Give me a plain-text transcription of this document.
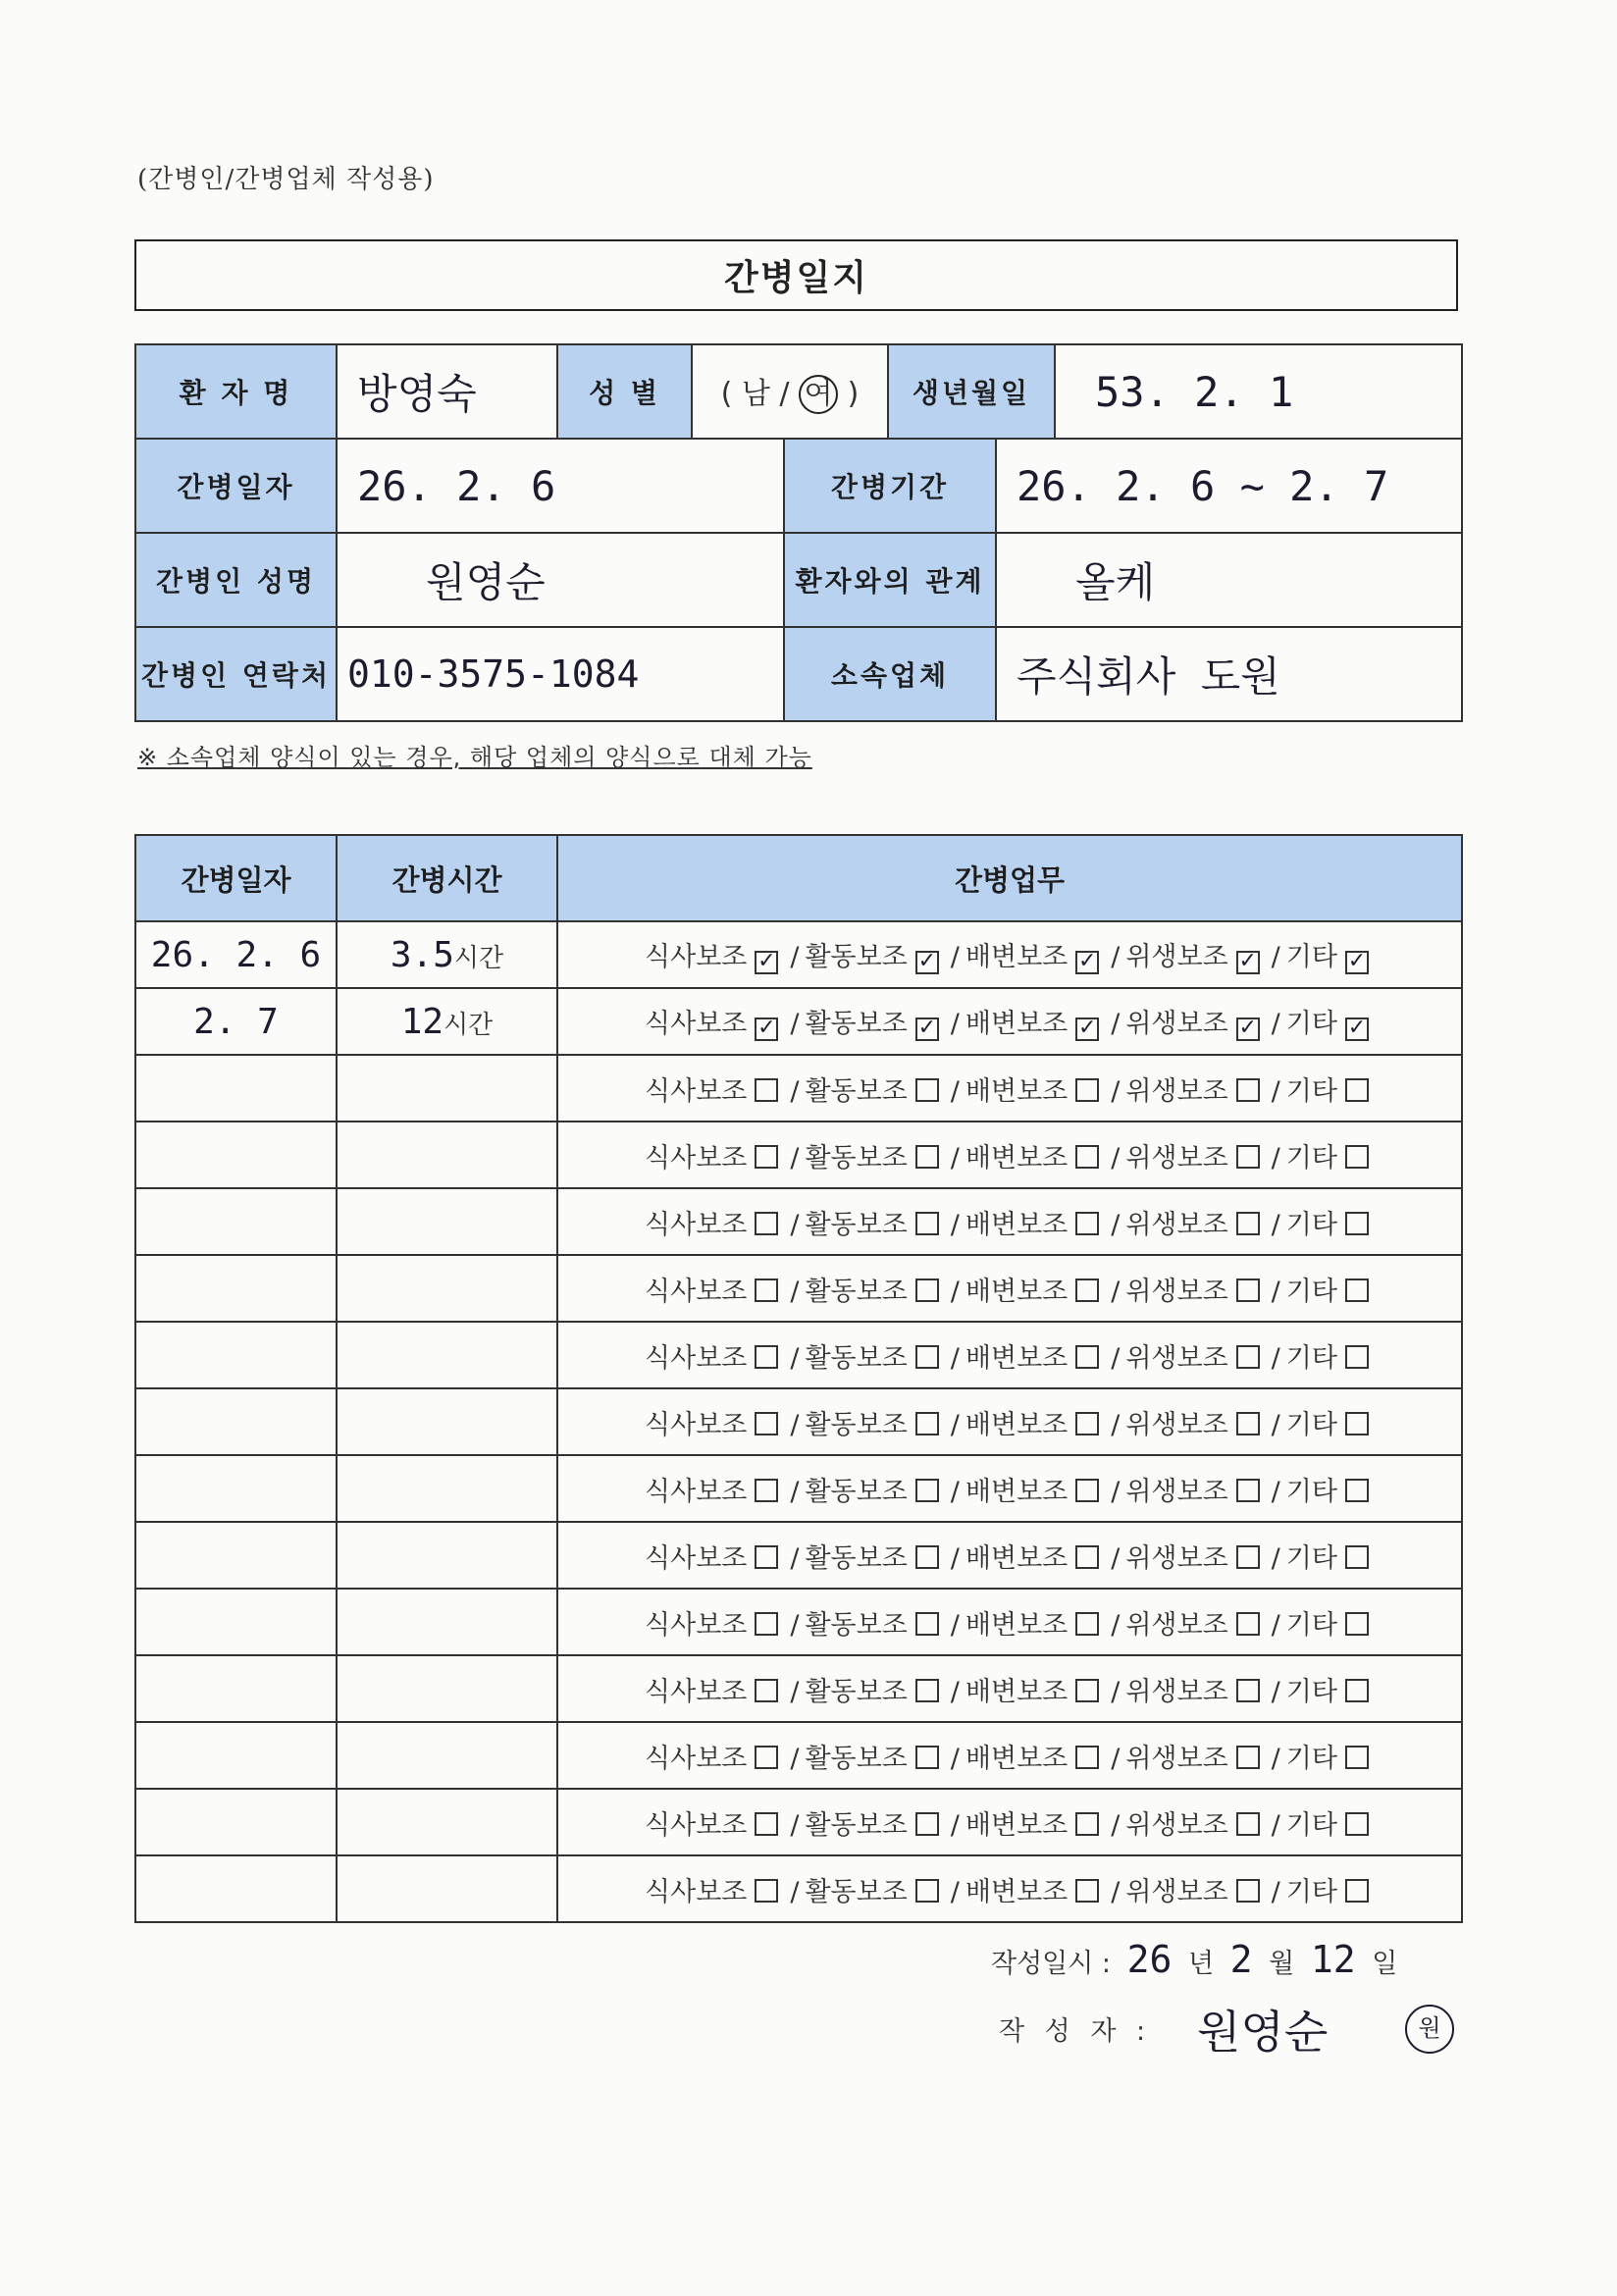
(간병인/간병업체 작성용)
간병일지
환 자 명	방영숙	성 별	( 남 / 여 )		생년월일		53. 2. 1
간병일자	26. 2. 6			간병기간		26. 2. 6 ~ 2. 7	
간병인 성명	원영순			환자와의 관계		올케	
간병인 연락처	010-3575-1084			소속업체		주식회사 도원	
※ 소속업체 양식이 있는 경우, 해당 업체의 양식으로 대체 가능
간병일자	간병시간	간병업무
26. 2. 6	3.5시간	식사보조 ✓ / 활동보조 ✓ / 배변보조 ✓ / 위생보조 ✓ / 기타 ✓
2. 7	12시간	식사보조 ✓ / 활동보조 ✓ / 배변보조 ✓ / 위생보조 ✓ / 기타 ✓
		식사보조 / 활동보조 / 배변보조 / 위생보조 / 기타
		식사보조 / 활동보조 / 배변보조 / 위생보조 / 기타
		식사보조 / 활동보조 / 배변보조 / 위생보조 / 기타
		식사보조 / 활동보조 / 배변보조 / 위생보조 / 기타
		식사보조 / 활동보조 / 배변보조 / 위생보조 / 기타
		식사보조 / 활동보조 / 배변보조 / 위생보조 / 기타
		식사보조 / 활동보조 / 배변보조 / 위생보조 / 기타
		식사보조 / 활동보조 / 배변보조 / 위생보조 / 기타
		식사보조 / 활동보조 / 배변보조 / 위생보조 / 기타
		식사보조 / 활동보조 / 배변보조 / 위생보조 / 기타
		식사보조 / 활동보조 / 배변보조 / 위생보조 / 기타
		식사보조 / 활동보조 / 배변보조 / 위생보조 / 기타
		식사보조 / 활동보조 / 배변보조 / 위생보조 / 기타
작성일시 : 26 년 2 월 12 일
작 성 자 : 원영순	원
